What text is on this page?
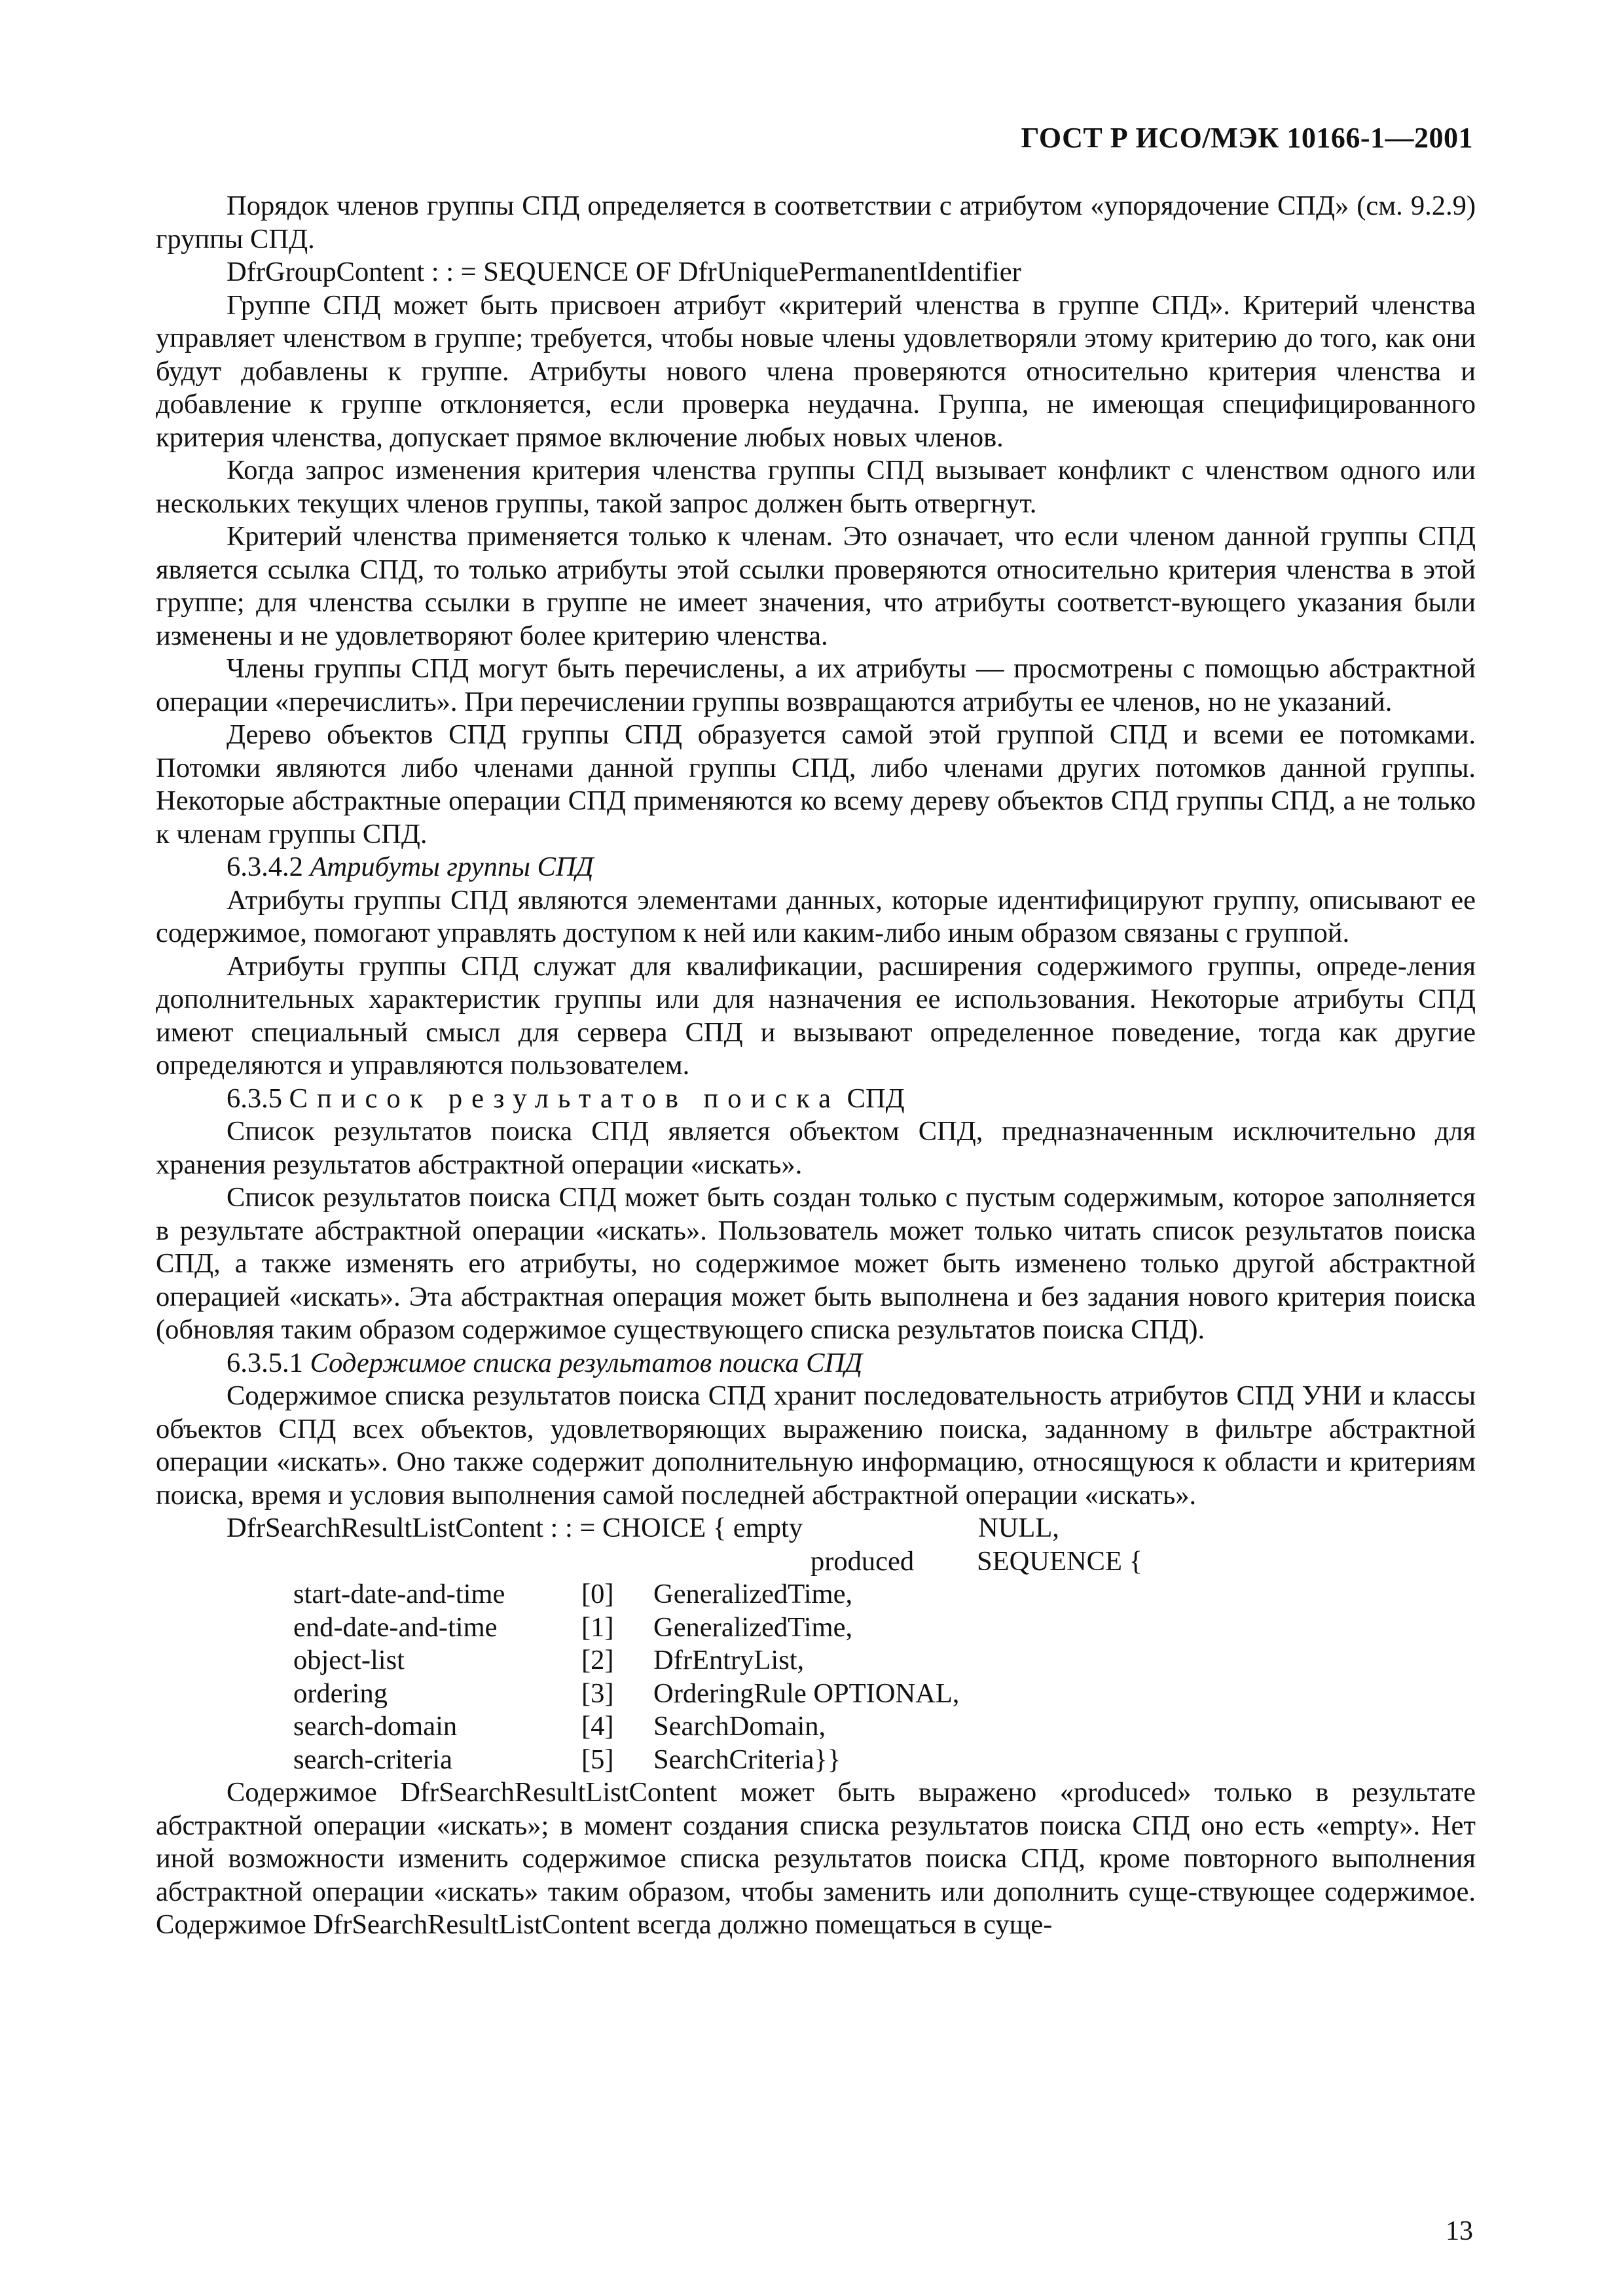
ГОСТ Р ИСО/МЭК 10166-1—2001

Порядок членов группы СПД определяется в соответствии с атрибутом «упорядочение СПД» (см. 9.2.9) группы СПД.

DfrGroupContent : : = SEQUENCE OF DfrUniquePermanentIdentifier

Группе СПД может быть присвоен атрибут «критерий членства в группе СПД». Критерий членства управляет членством в группе; требуется, чтобы новые члены удовлетворяли этому критерию до того, как они будут добавлены к группе. Атрибуты нового члена проверяются относительно критерия членства и добавление к группе отклоняется, если проверка неудачна. Группа, не имеющая специфицированного критерия членства, допускает прямое включение любых новых членов.

Когда запрос изменения критерия членства группы СПД вызывает конфликт с членством одного или нескольких текущих членов группы, такой запрос должен быть отвергнут.

Критерий членства применяется только к членам. Это означает, что если членом данной группы СПД является ссылка СПД, то только атрибуты этой ссылки проверяются относительно критерия членства в этой группе; для членства ссылки в группе не имеет значения, что атрибуты соответст-вующего указания были изменены и не удовлетворяют более критерию членства.

Члены группы СПД могут быть перечислены, а их атрибуты — просмотрены с помощью абстрактной операции «перечислить». При перечислении группы возвращаются атрибуты ее членов, но не указаний.

Дерево объектов СПД группы СПД образуется самой этой группой СПД и всеми ее потомками. Потомки являются либо членами данной группы СПД, либо членами других потомков данной группы. Некоторые абстрактные операции СПД применяются ко всему дереву объектов СПД группы СПД, а не только к членам группы СПД.

6.3.4.2 Атрибуты группы СПД

Атрибуты группы СПД являются элементами данных, которые идентифицируют группу, описывают ее содержимое, помогают управлять доступом к ней или каким-либо иным образом связаны с группой.

Атрибуты группы СПД служат для квалификации, расширения содержимого группы, опреде-ления дополнительных характеристик группы или для назначения ее использования. Некоторые атрибуты СПД имеют специальный смысл для сервера СПД и вызывают определенное поведение, тогда как другие определяются и управляются пользователем.

6.3.5 Список результатов поиска СПД

Список результатов поиска СПД является объектом СПД, предназначенным исключительно для хранения результатов абстрактной операции «искать».

Список результатов поиска СПД может быть создан только с пустым содержимым, которое заполняется в результате абстрактной операции «искать». Пользователь может только читать список результатов поиска СПД, а также изменять его атрибуты, но содержимое может быть изменено только другой абстрактной операцией «искать». Эта абстрактная операция может быть выполнена и без задания нового критерия поиска (обновляя таким образом содержимое существующего списка результатов поиска СПД).

6.3.5.1 Содержимое списка результатов поиска СПД

Содержимое списка результатов поиска СПД хранит последовательность атрибутов СПД УНИ и классы объектов СПД всех объектов, удовлетворяющих выражению поиска, заданному в фильтре абстрактной операции «искать». Оно также содержит дополнительную информацию, относящуюся к области и критериям поиска, время и условия выполнения самой последней абстрактной операции «искать».

DfrSearchResultListContent : : = CHOICE { empty	NULL,
produced	SEQUENCE {
start-date-and-time	[0]	GeneralizedTime,
end-date-and-time	[1]	GeneralizedTime,
object-list	[2]	DfrEntryList,
ordering	[3]	OrderingRule OPTIONAL,
search-domain	[4]	SearchDomain,
search-criteria	[5]	SearchCriteria}}

Содержимое DfrSearchResultListContent может быть выражено «produced» только в результате абстрактной операции «искать»; в момент создания списка результатов поиска СПД оно есть «empty». Нет иной возможности изменить содержимое списка результатов поиска СПД, кроме повторного выполнения абстрактной операции «искать» таким образом, чтобы заменить или дополнить суще-ствующее содержимое. Содержимое DfrSearchResultListContent всегда должно помещаться в суще-

13
